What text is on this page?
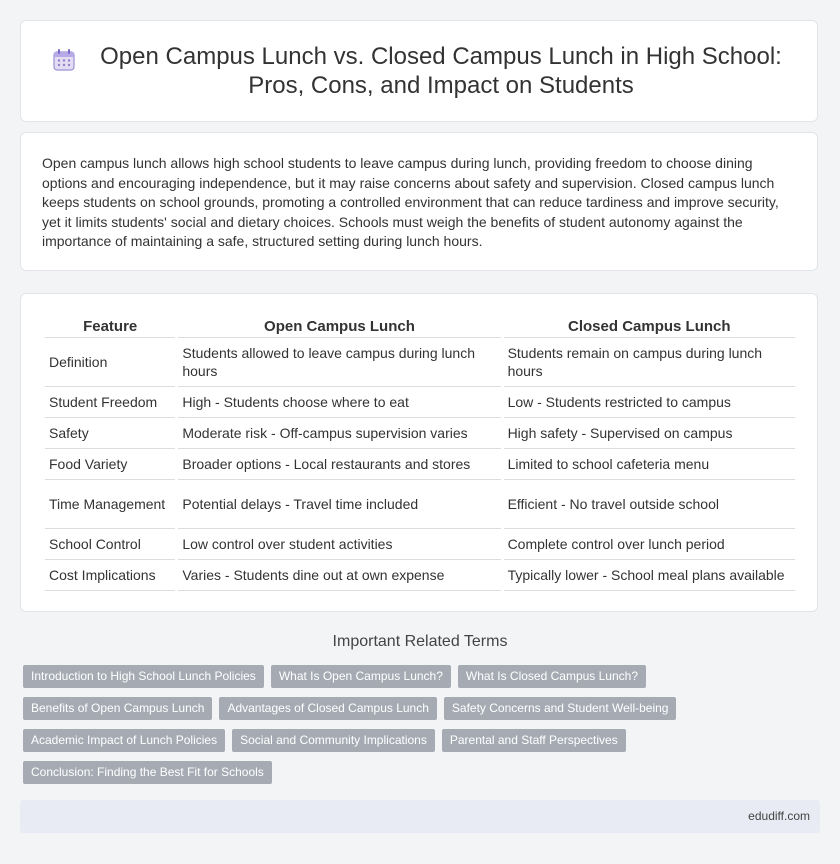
Open Campus Lunch vs. Closed Campus Lunch in High School: Pros, Cons, and Impact on Students

Open campus lunch allows high school students to leave campus during lunch, providing freedom to choose dining options and encouraging independence, but it may raise concerns about safety and supervision. Closed campus lunch keeps students on school grounds, promoting a controlled environment that can reduce tardiness and improve security, yet it limits students' social and dietary choices. Schools must weigh the benefits of student autonomy against the importance of maintaining a safe, structured setting during lunch hours.

Feature	Open Campus Lunch	Closed Campus Lunch
Definition	Students allowed to leave campus during lunch hours	Students remain on campus during lunch hours
Student Freedom	High - Students choose where to eat	Low - Students restricted to campus
Safety	Moderate risk - Off-campus supervision varies	High safety - Supervised on campus
Food Variety	Broader options - Local restaurants and stores	Limited to school cafeteria menu
Time Management	Potential delays - Travel time included	Efficient - No travel outside school
School Control	Low control over student activities	Complete control over lunch period
Cost Implications	Varies - Students dine out at own expense	Typically lower - School meal plans available
Important Related Terms
Introduction to High School Lunch Policies	What Is Open Campus Lunch?	What Is Closed Campus Lunch?
Benefits of Open Campus Lunch	Advantages of Closed Campus Lunch	Safety Concerns and Student Well-being
Academic Impact of Lunch Policies	Social and Community Implications	Parental and Staff Perspectives
Conclusion: Finding the Best Fit for Schools
edudiff.com
